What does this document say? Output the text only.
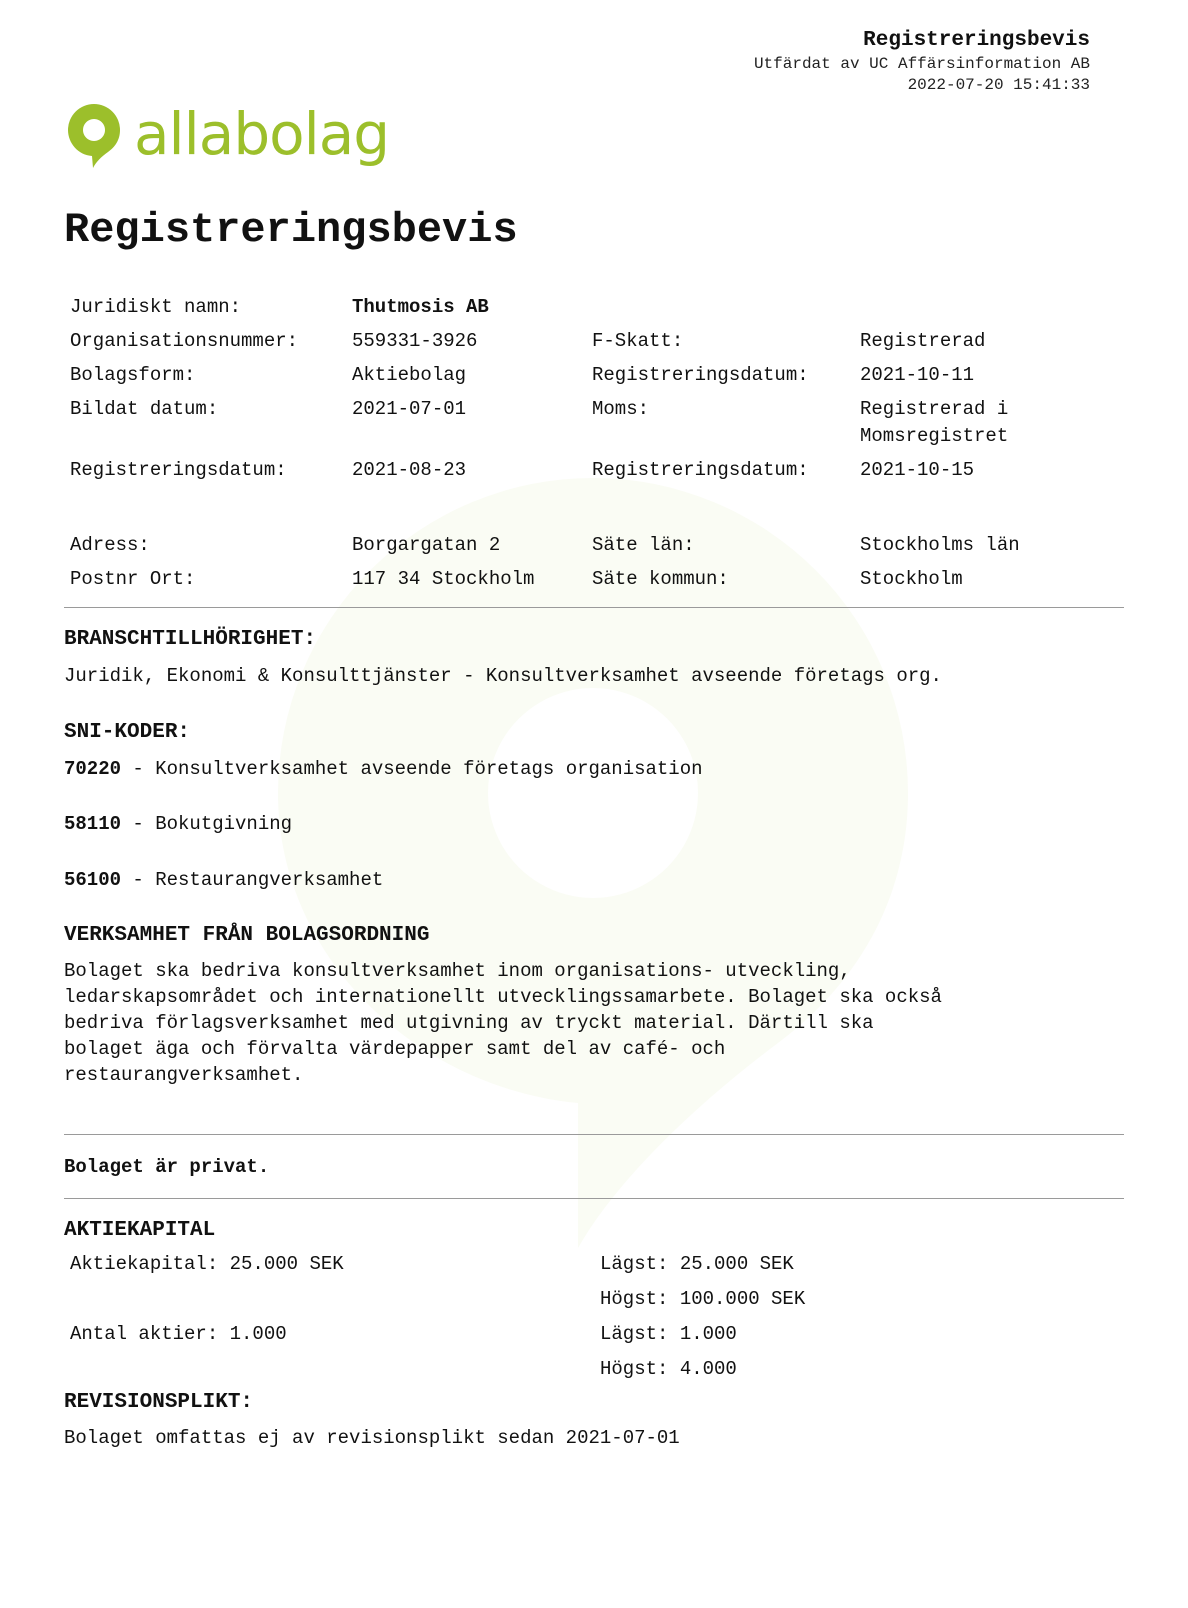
Registreringsbevis
Utfärdat av UC Affärsinformation AB
2022-07-20 15:41:33
allabolag
Registreringsbevis
Juridiskt namn:	Thutmosis AB
Organisationsnummer:	559331-3926	F-Skatt:	Registrerad
Bolagsform:	Aktiebolag	Registreringsdatum:	2021-10-11
Bildat datum:	2021-07-01	Moms:	Registrerad i
Momsregistret
Registreringsdatum:	2021-08-23	Registreringsdatum:	2021-10-15
Adress:	Borgargatan 2	Säte län:	Stockholms län
Postnr Ort:	117 34 Stockholm	Säte kommun:	Stockholm
BRANSCHTILLHÖRIGHET:

Juridik, Ekonomi & Konsulttjänster - Konsultverksamhet avseende företags org.

SNI-KODER:

70220 - Konsultverksamhet avseende företags organisation

58110 - Bokutgivning

56100 - Restaurangverksamhet

VERKSAMHET FRÅN BOLAGSORDNING
Bolaget ska bedriva konsultverksamhet inom organisations- utveckling,
ledarskapsområdet och internationellt utvecklingssamarbete. Bolaget ska också
bedriva förlagsverksamhet med utgivning av tryckt material. Därtill ska
bolaget äga och förvalta värdepapper samt del av café- och
restaurangverksamhet.

Bolaget är privat.

AKTIEKAPITAL
Aktiekapital: 25.000 SEK	Lägst: 25.000 SEK
Högst: 100.000 SEK
Antal aktier: 1.000	Lägst: 1.000
Högst: 4.000
REVISIONSPLIKT:

Bolaget omfattas ej av revisionsplikt sedan 2021-07-01
